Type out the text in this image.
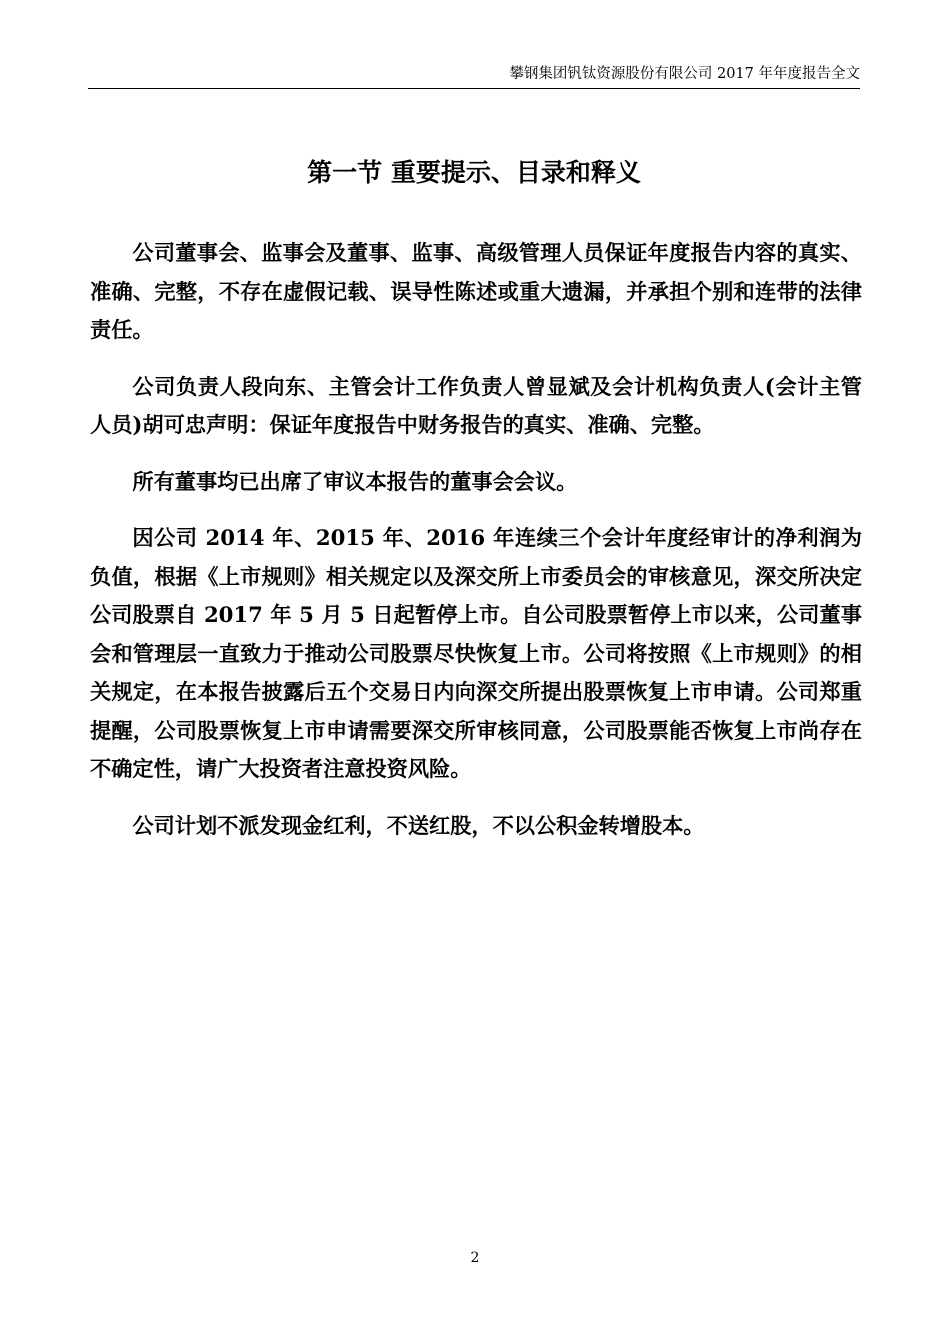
攀钢集团钒钛资源股份有限公司 2017 年年度报告全文
第一节 重要提示、目录和释义

公司董事会、监事会及董事、监事、高级管理人员保证年度报告内容的真实、准确、完整，不存在虚假记载、误导性陈述或重大遗漏，并承担个别和连带的法律责任。

公司负责人段向东、主管会计工作负责人曾显斌及会计机构负责人(会计主管人员)胡可忠声明：保证年度报告中财务报告的真实、准确、完整。

所有董事均已出席了审议本报告的董事会会议。

因公司 2014 年、2015 年、2016 年连续三个会计年度经审计的净利润为负值，根据《上市规则》相关规定以及深交所上市委员会的审核意见，深交所决定公司股票自 2017 年 5 月 5 日起暂停上市。自公司股票暂停上市以来，公司董事会和管理层一直致力于推动公司股票尽快恢复上市。公司将按照《上市规则》的相关规定，在本报告披露后五个交易日内向深交所提出股票恢复上市申请。公司郑重提醒，公司股票恢复上市申请需要深交所审核同意，公司股票能否恢复上市尚存在不确定性，请广大投资者注意投资风险。

公司计划不派发现金红利，不送红股，不以公积金转增股本。

2
